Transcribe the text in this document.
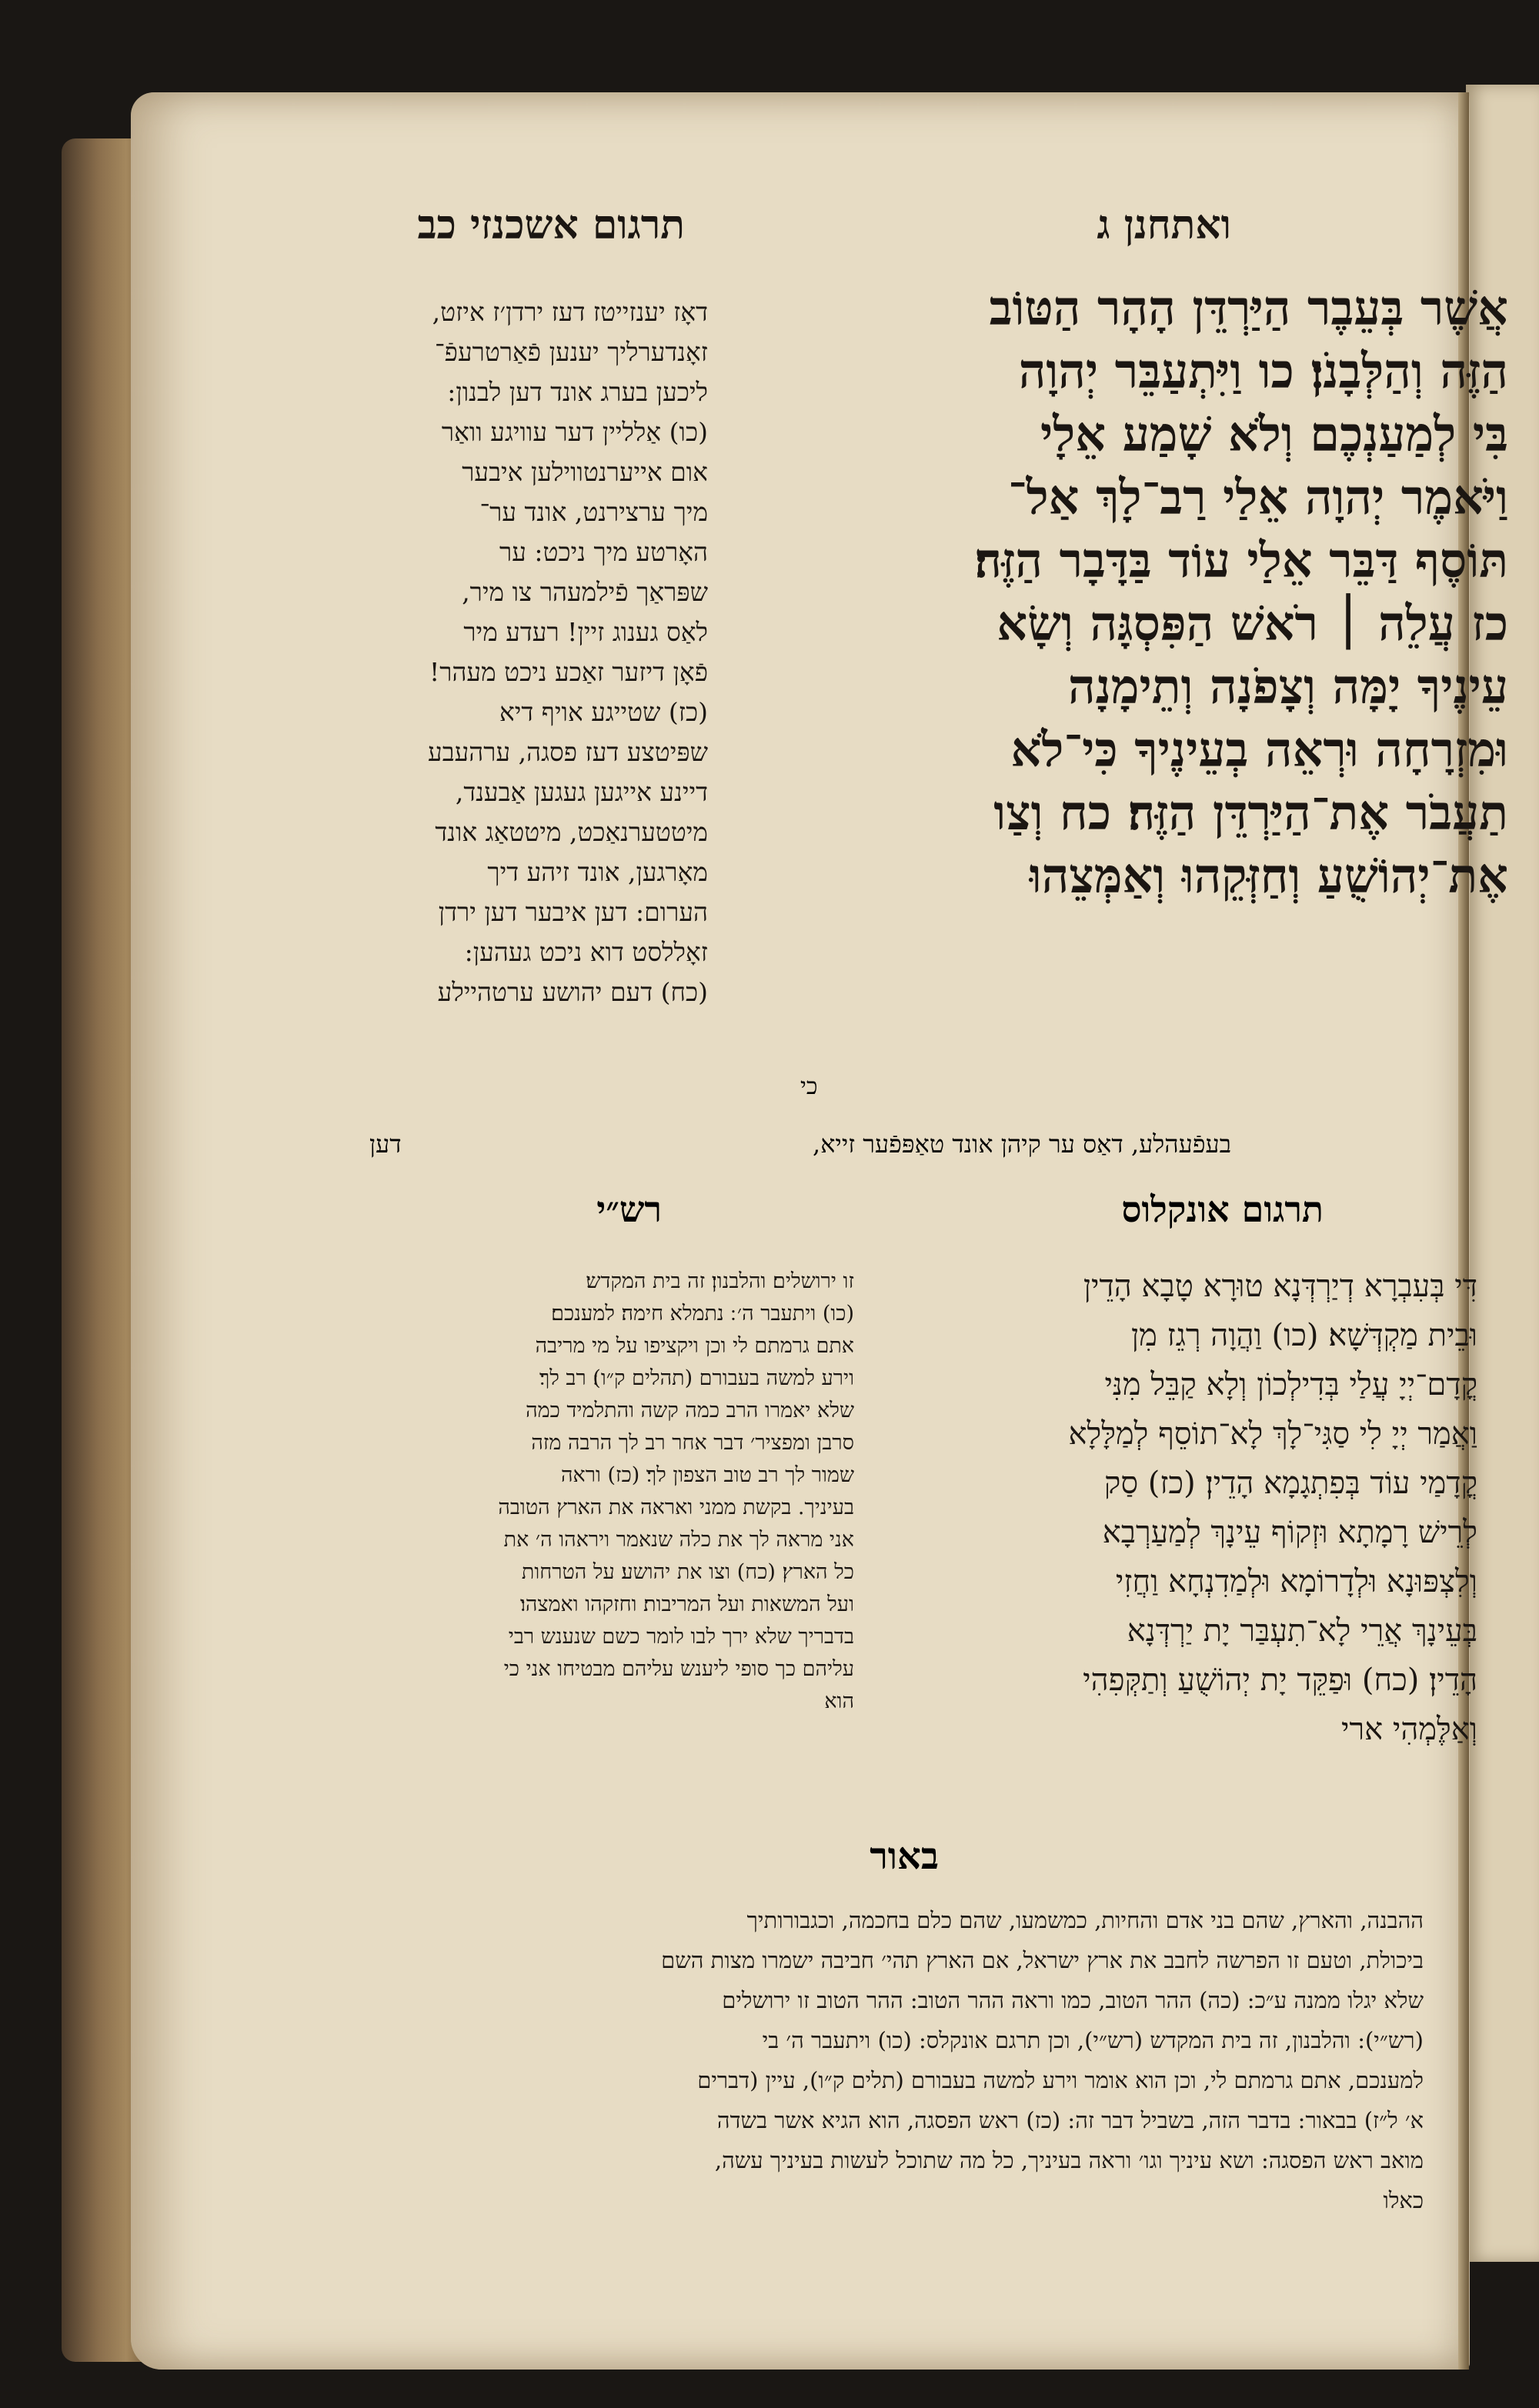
תרגום אשכנזי כב	ואתחנן ג
אֲשֶׁר בְּעֵבֶר הַיַּרְדֵּן הָהָר הַטּוֹב
הַזֶּה וְהַלְּבָנֹן׃ כו וַיִּתְעַבֵּר יְהוָה
בִּי לְמַעַנְכֶם וְלֹא שָׁמַע אֵלָי
וַיֹּאמֶר יְהוָה אֵלַי רַב־לָךְ אַל־
תּוֹסֶף דַּבֵּר אֵלַי עוֹד בַּדָּבָר הַזֶּה׃
כז עֲלֵה ׀ רֹאשׁ הַפִּסְגָּה וְשָׂא
עֵינֶיךָ יָמָּה וְצָפֹנָה וְתֵימָנָה
וּמִזְרָחָה וּרְאֵה בְעֵינֶיךָ כִּי־לֹא
תַעֲבֹר אֶת־הַיַּרְדֵּן הַזֶּה׃ כח וְצַו
אֶת־יְהוֹשֻׁעַ וְחַזְּקֵהוּ וְאַמְּצֵהוּ
כי
דאָז יענזייטז דעז ירדן׳ז איזט,
זאָנדערליך יענען פֿאַרטרעפֿ־
ליכען בערג אונד דען לבנון:
(כו) אַלליין דער עוויגע וואַר
אום אייערנטווילען איבער
מיך ערצירנט, אונד ער־
האָרטע מיך ניכט: ער
שפּראַך פֿילמעהר צו מיר,
לאַס גענוג זיין! רעדע מיר
פֿאָן דיזער זאַכע ניכט מעהר!
(כז) שטייגע אויף דיא
שפּיטצע דעז פסגה, ערהעבע
דיינע אייגען געגען אַבענד,
מיטטערנאַכט, מיטטאַג אונד
מאָרגען, אונד זיהע דיך
הערום: דען איבער דען ירדן
זאָללסט דוא ניכט געהען:
(כח) דעם יהושע ערטהיילע
בעפֿעהלע, דאַס ער קיהן אונד טאַפּפֿער זייא,
דען
תרגום אונקלוס
רש״י
דִּי בְּעִבְרָא דְיַרְדְּנָא טוּרָא טָבָא הָדֵין
וּבֵית מַקְדְּשָׁא׃ (כו) וַהֲוָה רְגֵז מִן
קֳדָם־יְיָ עֲלַי בְּדִילְכוֹן וְלָא קַבֵּל מִנִּי
וַאֲמַר יְיָ לִי סַגִּי־לָךְ לָא־תוֹסֵף לְמַלָּלָא
קֳדָמַי עוֹד בְּפִתְגָמָא הָדֵין׃ (כז) סַק
לְרֵישׁ רָמָתָא וּזְקוֹף עֵינָךְ לְמַעַרְבָא
וְלִצְפּוּנָא וּלְדָרוֹמָא וּלְמַדִנְחָא וַחֲזִי
בְּעֵינָךְ אֲרֵי לָא־תִעְבַּר יָת יַרְדְּנָא
הָדֵין׃ (כח) וּפַקֵּד יָת יְהוֹשֻׁעַ וְתַקְּפִהִי
וְאַלֶּמְהִי ארי
זו ירושלים׃ והלבנון׃ זה בית המקדש׃
(כו) ויתעבר ה׳ ׃ נתמלא חימה׃ למענכם׃
אתם גרמתם לי וכן ויקציפו על מי מריבה
וירע למשה בעבורם (תהלים ק״ו)׃ רב לך׃
שלא יאמרו הרב כמה קשה והתלמיד כמה
סרבן ומפציר׳ דבר אחר רב לך הרבה מזה
שמור לך רב טוב הצפון לך׃ (כז) וראה
בעיניך. בקשת ממני ואראה את הארץ הטובה
אני מראה לך את כלה שנאמר ויראהו ה׳ את
כל הארץ׃ (כח) וצו את יהושע׃ על הטרחות
ועל המשאות ועל המריבות׃ וחזקהו ואמצהו׃
בדבריך שלא ירך לבו לומר כשם שנענש רבי
עליהם כך סופי ליענש עליהם מבטיחו אני כי
הוא
באור
ההבנה, והארץ, שהם בני אדם והחיות, כמשמעו, שהם כלם בחכמה, וכגבורותיך
ביכולת, וטעם זו הפרשה לחבב את ארץ ישראל, אם הארץ תהי׳ חביבה ישמרו מצות השם
שלא יגלו ממנה ע״כ: (כה) ההר הטוב, כמו וראה ההר הטוב: ההר הטוב זו ירושלים
(רש״י): והלבנון, זה בית המקדש (רש״י), וכן תרגם אונקלס: (כו) ויתעבר ה׳ בי
למענכם, אתם גרמתם לי, וכן הוא אומר וירע למשה בעבורם (תלים ק״ו), עיין (דברים
א׳ ל״ז) בבאור: בדבר הזה, בשביל דבר זה: (כז) ראש הפסגה, הוא הגיא אשר בשדה
מואב ראש הפסגה: ושא עיניך וגו׳ וראה בעיניך, כל מה שתוכל לעשות בעיניך עשה,
כאלו
